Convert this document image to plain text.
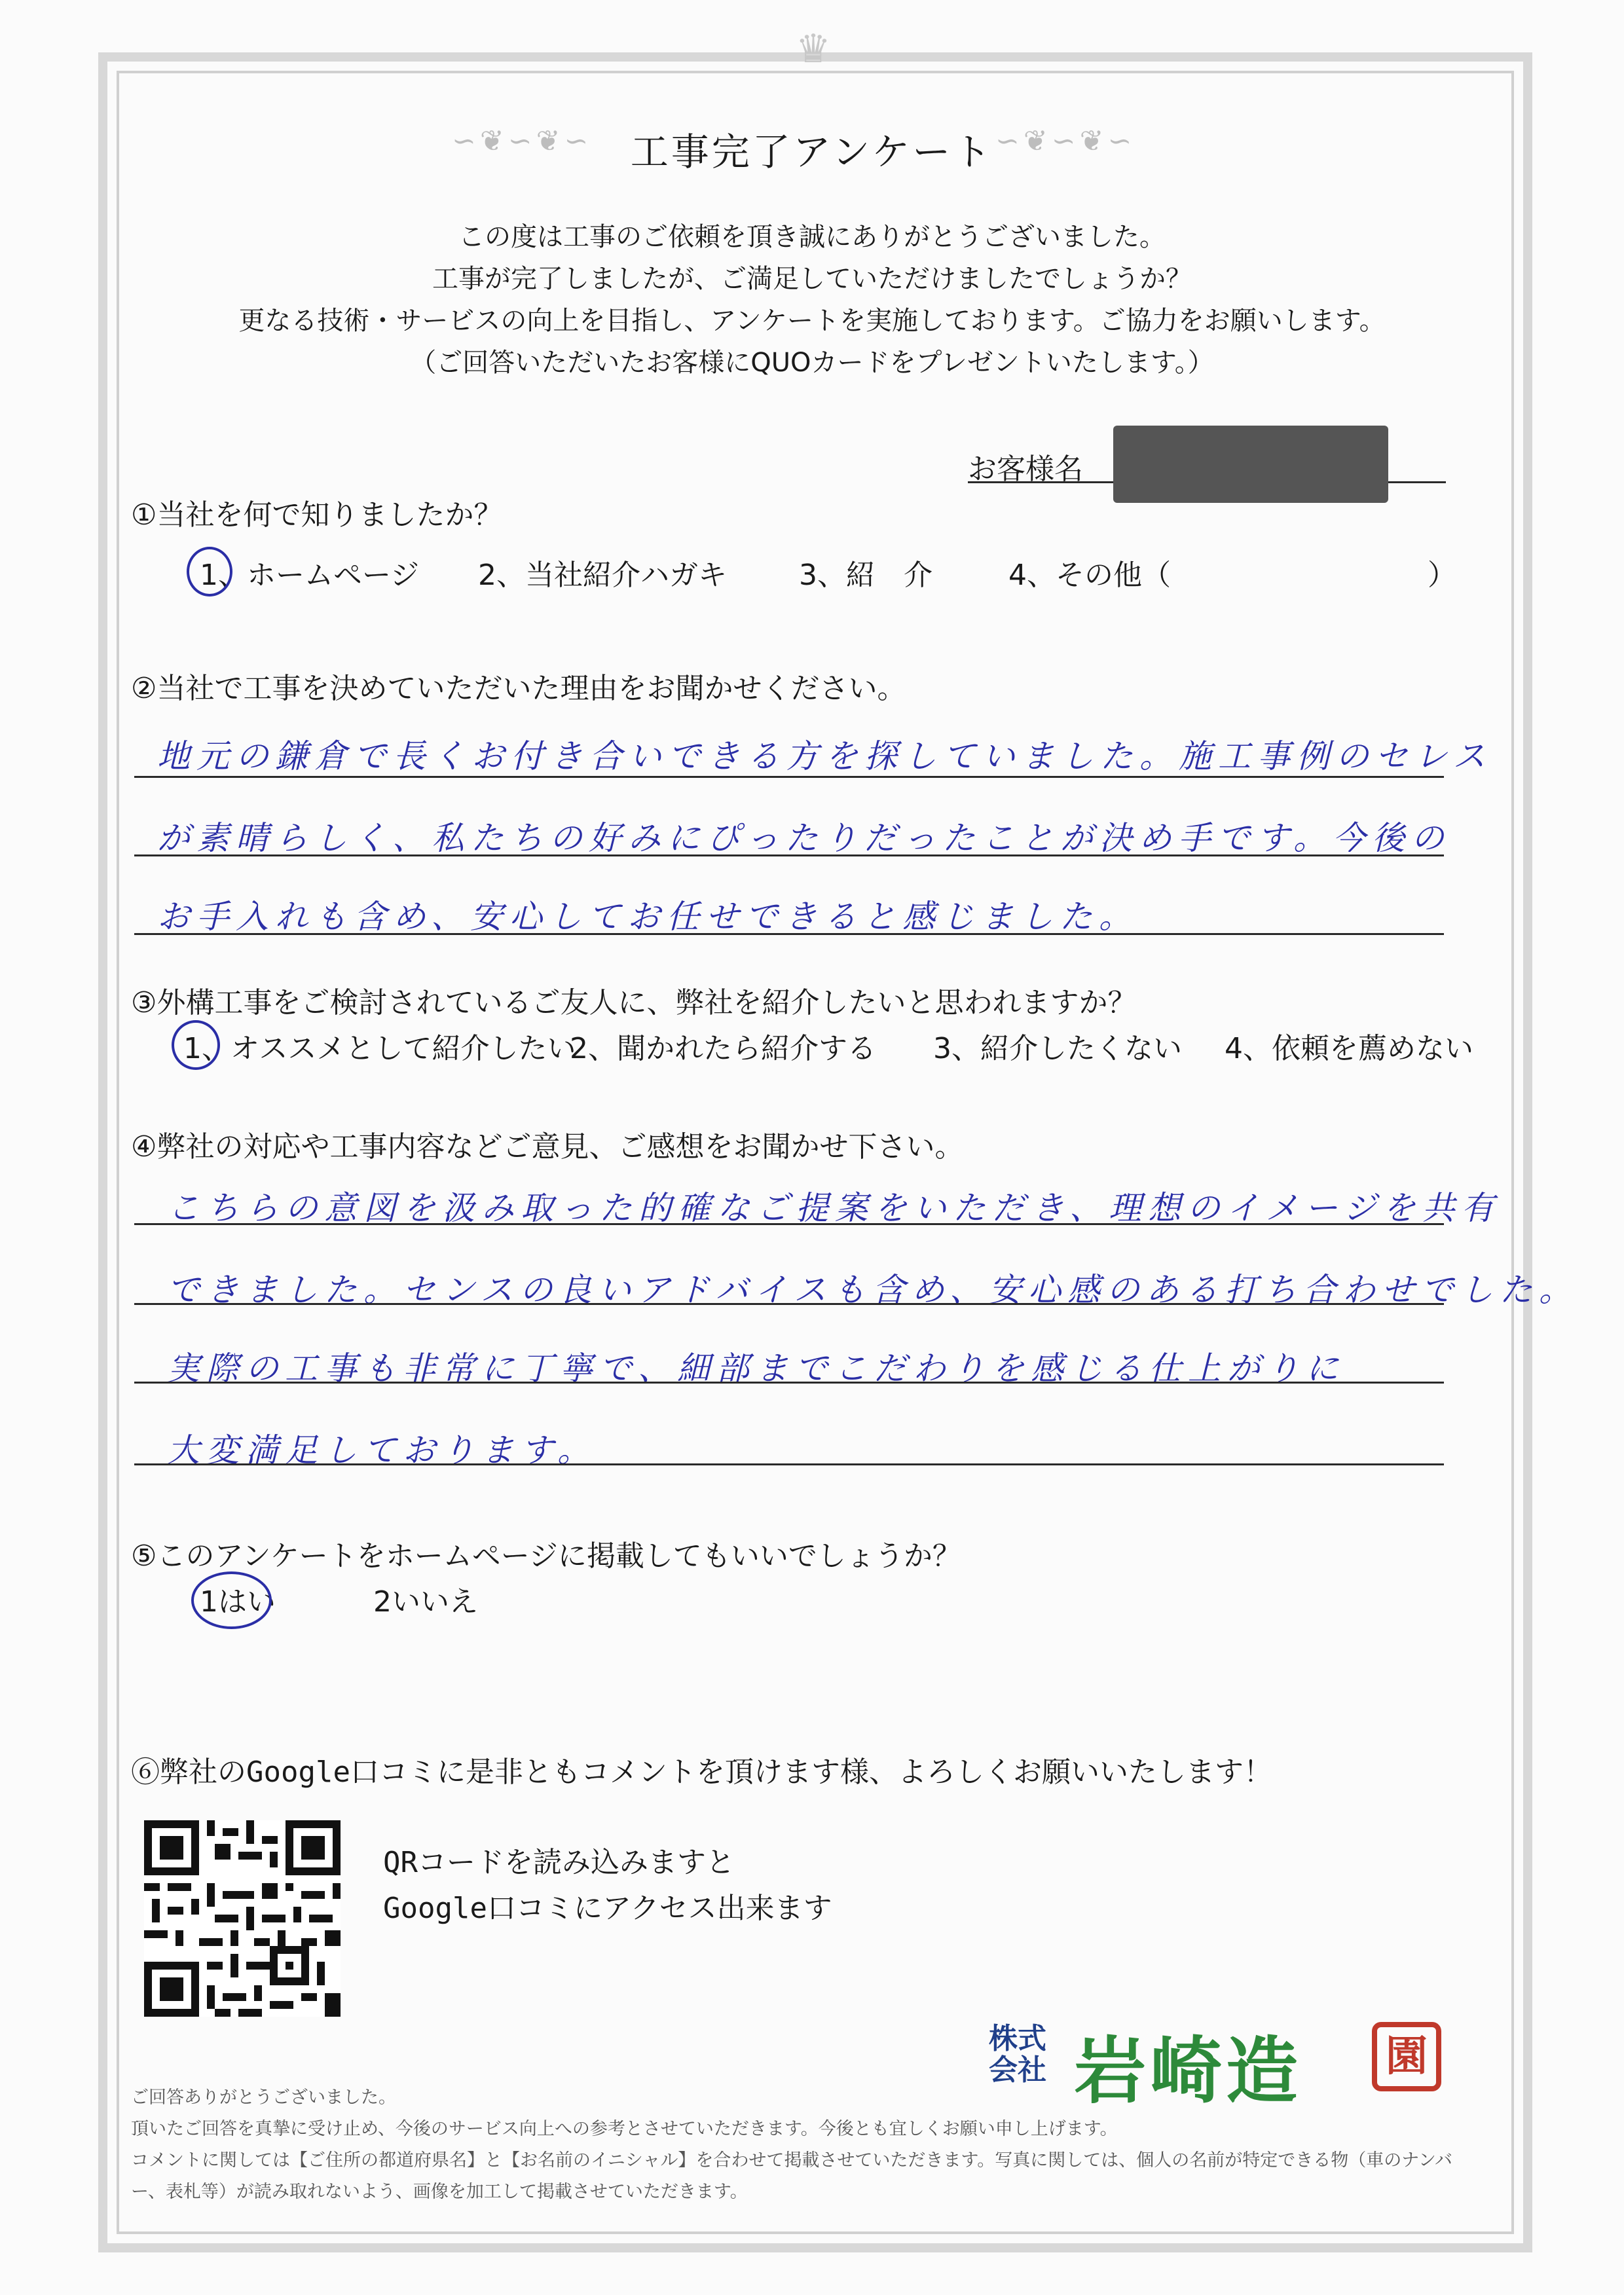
♛
∽❦∽❦∽	∽❦∽❦∽
工事完了アンケート
この度は工事のご依頼を頂き誠にありがとうございました。
工事が完了しましたが、ご満足していただけましたでしょうか？
更なる技術・サービスの向上を目指し、アンケートを実施しております。ご協力をお願いします。
（ご回答いただいたお客様にQUOカードをプレゼントいたします。）
お客様名
①当社を何で知りましたか？
1、ホームページ 2、当社紹介ハガキ	3、紹　介	4、その他（	）
②当社で工事を決めていただいた理由をお聞かせください。
地元の鎌倉で長くお付き合いできる方を探していました。施工事例のセレス
が素晴らしく、私たちの好みにぴったりだったことが決め手です。今後の
お手入れも含め、安心してお任せできると感じました。
③外構工事をご検討されているご友人に、弊社を紹介したいと思われますか？
1、オススメとして紹介したい
2、聞かれたら紹介する 3、紹介したくない 4、依頼を薦めない
④弊社の対応や工事内容などご意見、ご感想をお聞かせ下さい。
こちらの意図を汲み取った的確なご提案をいただき、理想のイメージを共有
できました。センスの良いアドバイスも含め、安心感のある打ち合わせでした。
実際の工事も非常に丁寧で、細部までこだわりを感じる仕上がりに
大変満足しております。
⑤このアンケートをホームページに掲載してもいいでしょうか？
1はい	2いいえ
⑥弊社のGoogle口コミに是非ともコメントを頂けます様、よろしくお願いいたします！
QRコードを読み込みますと
Google口コミにアクセス出来ます
株式
会社 岩崎造	園
ご回答ありがとうございました。
頂いたご回答を真摯に受け止め、今後のサービス向上への参考とさせていただきます。今後とも宜しくお願い申し上げます。
コメントに関しては【ご住所の都道府県名】と【お名前のイニシャル】を合わせて掲載させていただきます。写真に関しては、個人の名前が特定できる物（車のナンバ
ー、表札等）が読み取れないよう、画像を加工して掲載させていただきます。
